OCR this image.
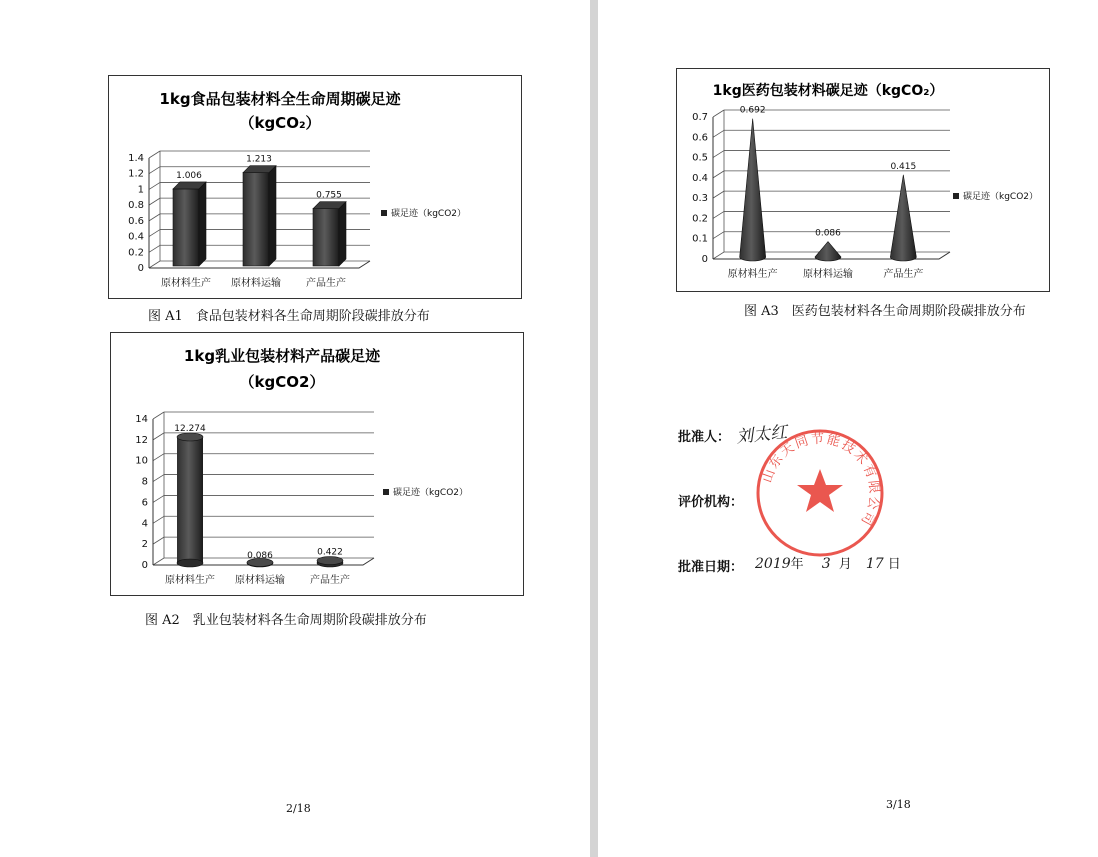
1kg食品包装材料全生命周期碳足迹
（kgCO₂）
0
0.2
0.4
0.6
0.8
1
1.2
1.4
1.006
原材料生产
1.213
原材料运输
0.755
产品生产
碳足迹（kgCO2）
图 A1　食品包装材料各生命周期阶段碳排放分布
1kg乳业包装材料产品碳足迹
（kgCO2）
0
2
4
6
8
10
12
14
12.274
原材料生产
0.086
原材料运输
0.422
产品生产
碳足迹（kgCO2）
图 A2　乳业包装材料各生命周期阶段碳排放分布
2/18
1kg医药包装材料碳足迹（kgCO₂）
0
0.1
0.2
0.3
0.4
0.5
0.6
0.7
0.692
原材料生产
0.086
原材料运输
0.415
产品生产
碳足迹（kgCO2）
图 A3　医药包装材料各生命周期阶段碳排放分布
批准人： 刘太红
评价机构：
批准日期： 2019年 3 月 17 日
山东天同节能技术有限公司
3/18
